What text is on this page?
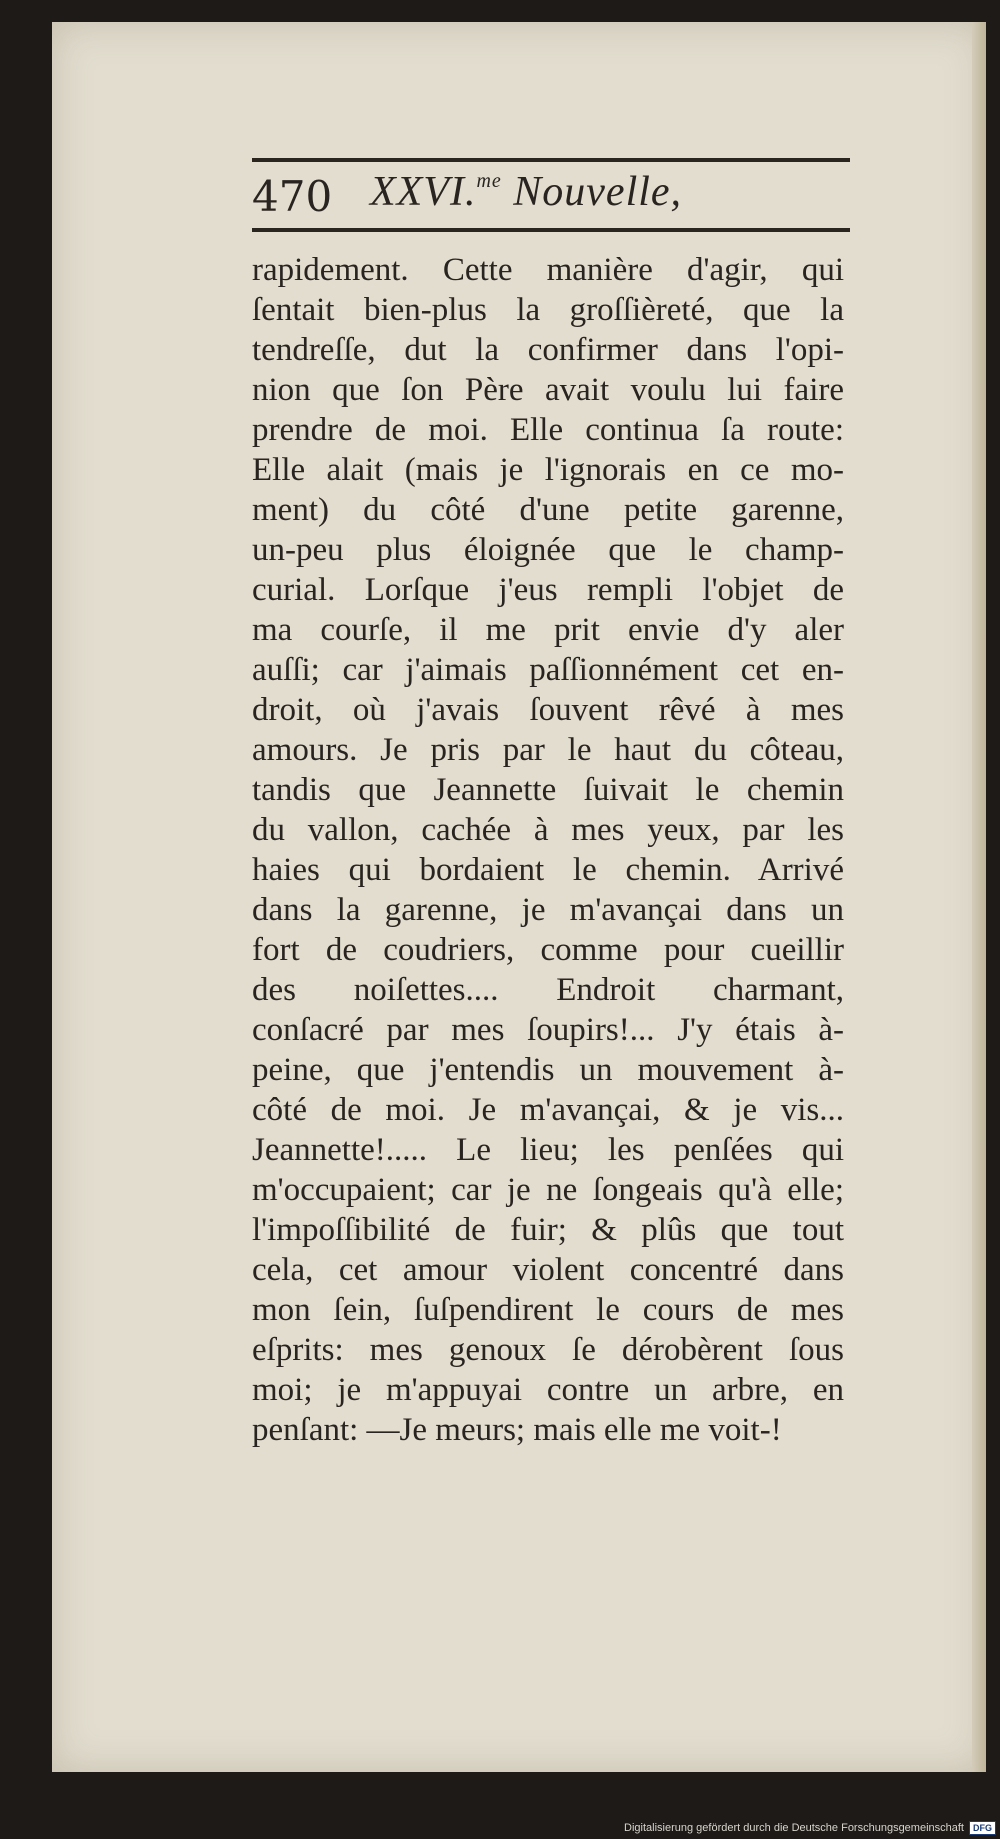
470 XXVI.$^{me}$ Nouvelle,
rapidement. Cette manière d'agir, qui
ſentait bien-plus la groſſièreté, que la
tendreſſe, dut la confirmer dans l'opi-
nion que ſon Père avait voulu lui faire
prendre de moi. Elle continua ſa route:
Elle alait (mais je l'ignorais en ce mo-
ment) du côté d'une petite garenne,
un-peu plus éloignée que le champ-
curial. Lorſque j'eus rempli l'objet de
ma courſe, il me prit envie d'y aler
auſſi; car j'aimais paſſionnément cet en-
droit, où j'avais ſouvent rêvé à mes
amours. Je pris par le haut du côteau,
tandis que Jeannette ſuivait le chemin
du vallon, cachée à mes yeux, par les
haies qui bordaient le chemin. Arrivé
dans la garenne, je m'avançai dans un
fort de coudriers, comme pour cueillir
des noiſettes.... Endroit charmant,
conſacré par mes ſoupirs!... J'y étais à-
peine, que j'entendis un mouvement à-
côté de moi. Je m'avançai, & je vis...
Jeannette!..... Le lieu; les penſées qui
m'occupaient; car je ne ſongeais qu'à elle;
l'impoſſibilité de fuir; & plûs que tout
cela, cet amour violent concentré dans
mon ſein, ſuſpendirent le cours de mes
eſprits: mes genoux ſe dérobèrent ſous
moi; je m'appuyai contre un arbre, en
penſant: —Je meurs; mais elle me voit-!
Digitalisierung gefördert durch die Deutsche Forschungsgemeinschaft	DFG
